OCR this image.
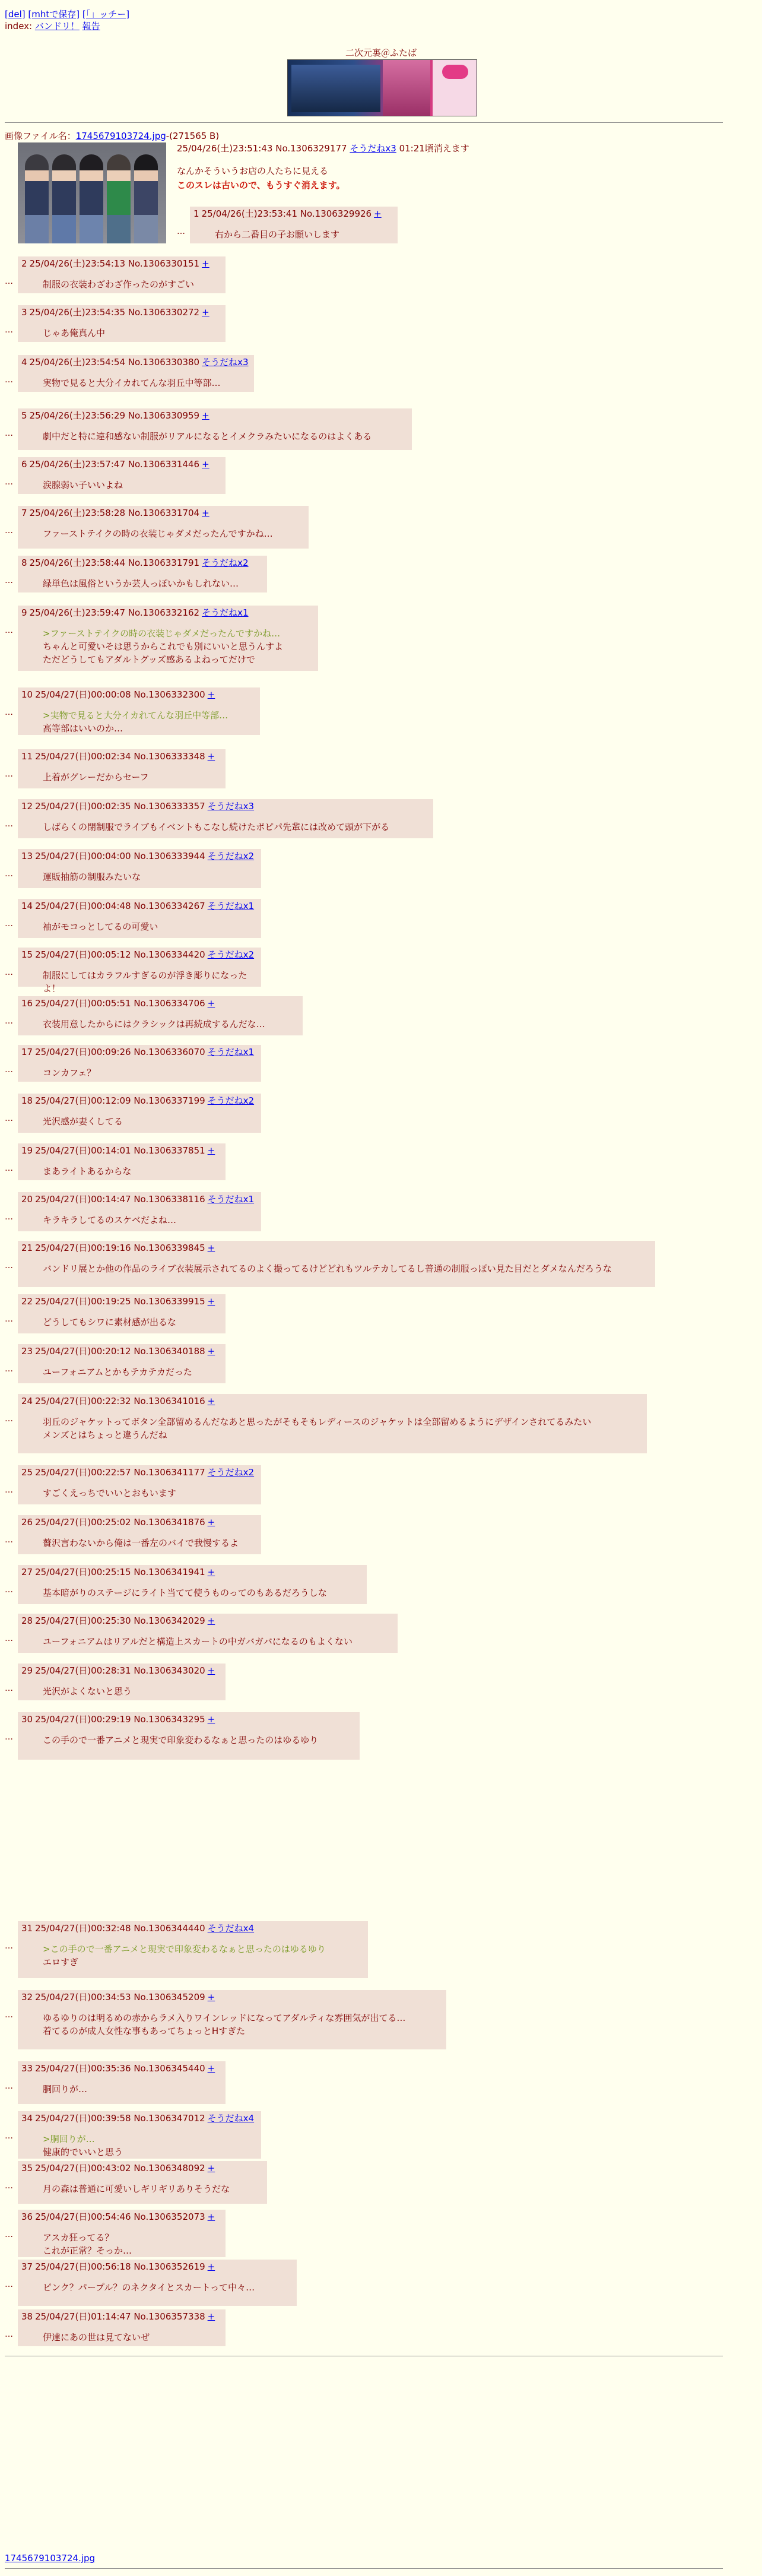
[del] [mhtで保存] [「」ッチー]
index: バンドリ！ 報告
二次元裏＠ふたば
画像ファイル名：1745679103724.jpg-(271565 B)
25/04/26(土)23:51:43 No.1306329177 そうだねx3 01:21頃消えます
なんかそういうお店の人たちに見える
このスレは古いので、もうすぐ消えます。
1 25/04/26(土)23:53:41 No.1306329926 +
右から二番目の子お願いします
…
2 25/04/26(土)23:54:13 No.1306330151 +
制服の衣装わざわざ作ったのがすごい
…
3 25/04/26(土)23:54:35 No.1306330272 +
じゃあ俺真ん中
…
4 25/04/26(土)23:54:54 No.1306330380 そうだねx3
実物で見ると大分イカれてんな羽丘中等部…
…
5 25/04/26(土)23:56:29 No.1306330959 +
劇中だと特に違和感ない制服がリアルになるとイメクラみたいになるのはよくある
…
6 25/04/26(土)23:57:47 No.1306331446 +
涙腺弱い子いいよね
…
7 25/04/26(土)23:58:28 No.1306331704 +
ファーストテイクの時の衣装じゃダメだったんですかね…
…
8 25/04/26(土)23:58:44 No.1306331791 そうだねx2
緑単色は風俗というか芸人っぽいかもしれない…
…
9 25/04/26(土)23:59:47 No.1306332162 そうだねx1
>ファーストテイクの時の衣装じゃダメだったんですかね…
ちゃんと可愛いそは思うからこれでも別にいいと思うんすよ
ただどうしてもアダルトグッズ感あるよねってだけで
…
10 25/04/27(日)00:00:08 No.1306332300 +
>実物で見ると大分イカれてんな羽丘中等部…
高等部はいいのか…
…
11 25/04/27(日)00:02:34 No.1306333348 +
上着がグレーだからセーフ
…
12 25/04/27(日)00:02:35 No.1306333357 そうだねx3
しばらくの閉制服でライブもイベントもこなし続けたポピパ先輩には改めて頭が下がる
…
13 25/04/27(日)00:04:00 No.1306333944 そうだねx2
運販抽筋の制服みたいな
…
14 25/04/27(日)00:04:48 No.1306334267 そうだねx1
袖がモコっとしてるの可愛い
…
15 25/04/27(日)00:05:12 No.1306334420 そうだねx2
制服にしてはカラフルすぎるのが浮き彫りになったよ！
…
16 25/04/27(日)00:05:51 No.1306334706 +
衣装用意したからにはクラシックは再続成するんだな…
…
17 25/04/27(日)00:09:26 No.1306336070 そうだねx1
コンカフェ？
…
18 25/04/27(日)00:12:09 No.1306337199 そうだねx2
光沢感が妻くしてる
…
19 25/04/27(日)00:14:01 No.1306337851 +
まあライトあるからな
…
20 25/04/27(日)00:14:47 No.1306338116 そうだねx1
キラキラしてるのスケベだよね…
…
21 25/04/27(日)00:19:16 No.1306339845 +
バンドリ展とか他の作品のライブ衣装展示されてるのよく撮ってるけどどれもツルテカしてるし普通の制服っぽい見た目だとダメなんだろうな
…
22 25/04/27(日)00:19:25 No.1306339915 +
どうしてもシワに素材感が出るな
…
23 25/04/27(日)00:20:12 No.1306340188 +
ユーフォニアムとかもテカテカだった
…
24 25/04/27(日)00:22:32 No.1306341016 +
羽丘のジャケットってボタン全部留めるんだなあと思ったがそもそもレディースのジャケットは全部留めるようにデザインされてるみたい
メンズとはちょっと違うんだね
…
25 25/04/27(日)00:22:57 No.1306341177 そうだねx2
すごくえっちでいいとおもいます
…
26 25/04/27(日)00:25:02 No.1306341876 +
贅沢言わないから俺は一番左のバイで我慢するよ
…
27 25/04/27(日)00:25:15 No.1306341941 +
基本暗がりのステージにライト当てて使うものってのもあるだろうしな
…
28 25/04/27(日)00:25:30 No.1306342029 +
ユーフォニアムはリアルだと構造上スカートの中ガバガバになるのもよくない
…
29 25/04/27(日)00:28:31 No.1306343020 +
光沢がよくないと思う
…
30 25/04/27(日)00:29:19 No.1306343295 +
この手ので一番アニメと現実で印象変わるなぁと思ったのはゆるゆり
…
31 25/04/27(日)00:32:48 No.1306344440 そうだねx4
>この手ので一番アニメと現実で印象変わるなぁと思ったのはゆるゆり
エロすぎ
…
32 25/04/27(日)00:34:53 No.1306345209 +
ゆるゆりのは明るめの赤からラメ入りワインレッドになってアダルティな雰囲気が出てる…
着てるのが成人女性な事もあってちょっとHすぎた
…
33 25/04/27(日)00:35:36 No.1306345440 +
胴回りが…
…
34 25/04/27(日)00:39:58 No.1306347012 そうだねx4
>胴回りが…
健康的でいいと思う
…
35 25/04/27(日)00:43:02 No.1306348092 +
月の森は普通に可愛いしギリギリありそうだな
…
36 25/04/27(日)00:54:46 No.1306352073 +
アスカ狂ってる？
これが正常？そっか…
…
37 25/04/27(日)00:56:18 No.1306352619 +
ピンク？パープル？のネクタイとスカートって中々…
…
38 25/04/27(日)01:14:47 No.1306357338 +
伊達にあの世は見てないぜ
…
1745679103724.jpg
